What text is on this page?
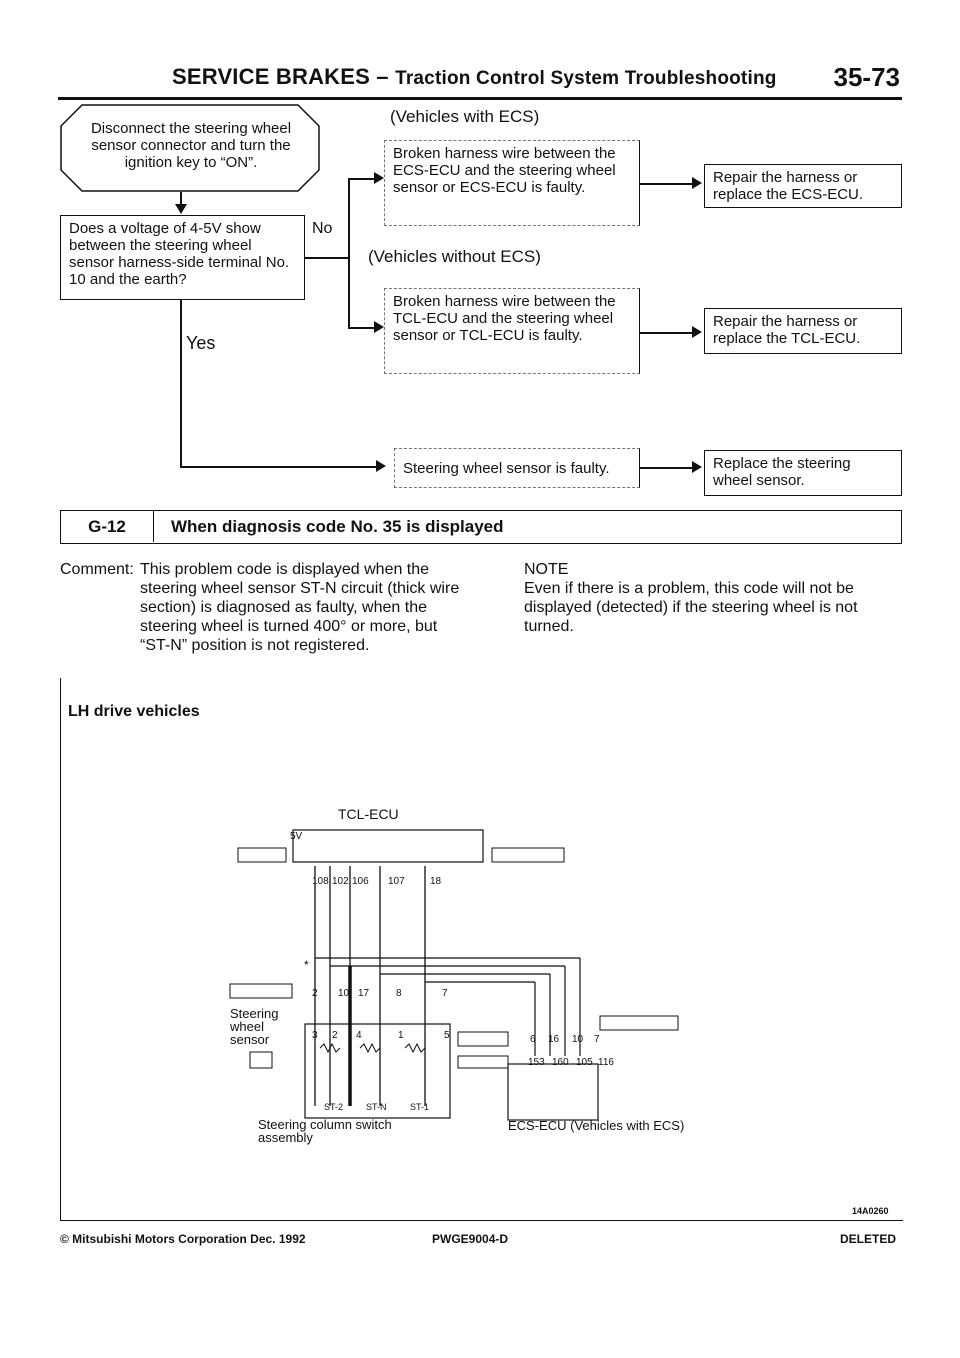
SERVICE BRAKES – Traction Control System Troubleshooting 35-73
Disconnect the steering wheel sensor connector and turn the ignition key to “ON”.
Does a voltage of 4-5V show between the steering wheel sensor harness-side terminal No. 10 and the earth?
No
(Vehicles with ECS)
Broken harness wire between the ECS-ECU and the steering wheel sensor or ECS-ECU is faulty.
Repair the harness or replace the ECS-ECU.
(Vehicles without ECS)
Broken harness wire between the TCL-ECU and the steering wheel sensor or TCL-ECU is faulty.
Repair the harness or replace the TCL-ECU.
Yes
Steering wheel sensor is faulty.	Replace the steering wheel sensor.
G-12	When diagnosis code No. 35 is displayed
Comment: This problem code is displayed when the steering wheel sensor ST-N circuit (thick wire section) is diagnosed as faulty, when the steering wheel is turned 400° or more, but “ST-N” position is not registered.
NOTE
Even if there is a problem, this code will not be displayed (detected) if the steering wheel is not turned.
LH drive vehicles
TCL-ECU
5V
108 102 106 107	18
*
2 10 17	8	7
3 2 4	1	5
Steering wheel sensor
ST-2	ST-N	ST-1
Steering column switch assembly
6 16 10 7
153 160 105 116
ECS-ECU (Vehicles with ECS)
14A0260
© Mitsubishi Motors Corporation Dec. 1992	PWGE9004-D	DELETED
